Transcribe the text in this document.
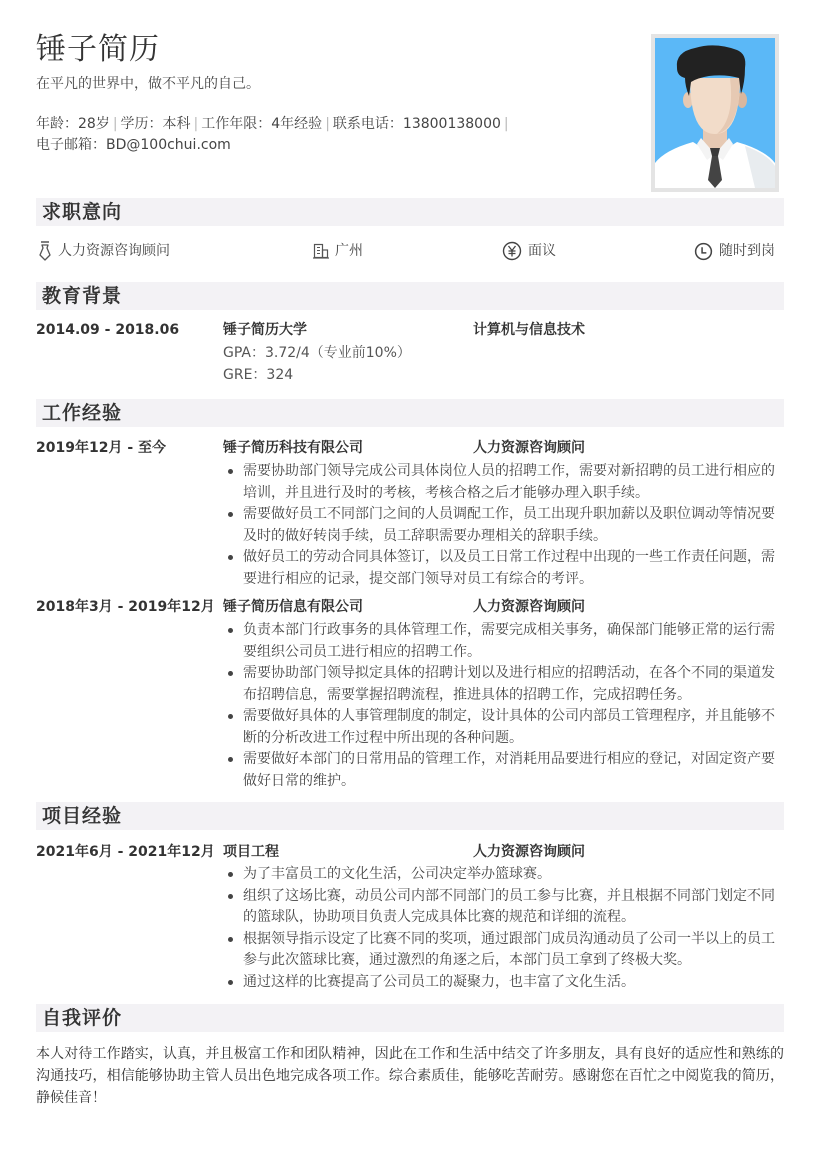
锤子简历
在平凡的世界中，做不平凡的自己。
年龄：28岁 | 学历：本科 | 工作年限：4年经验 | 联系电话：13800138000 |
电子邮箱：BD@100chui.com
求职意向
人力资源咨询顾问	广州	面议	随时到岗
教育背景
2014.09 - 2018.06	锤子简历大学	计算机与信息技术
GPA：3.72/4（专业前10%）
GRE：324
工作经验
2019年12月 - 至今	锤子简历科技有限公司	人力资源咨询顾问
需要协助部门领导完成公司具体岗位人员的招聘工作，需要对新招聘的员工进行相应的培训，并且进行及时的考核，考核合格之后才能够办理入职手续。
需要做好员工不同部门之间的人员调配工作，员工出现升职加薪以及职位调动等情况要及时的做好转岗手续，员工辞职需要办理相关的辞职手续。
做好员工的劳动合同具体签订，以及员工日常工作过程中出现的一些工作责任问题，需要进行相应的记录，提交部门领导对员工有综合的考评。
2018年3月 - 2019年12月 锤子简历信息有限公司	人力资源咨询顾问
负责本部门行政事务的具体管理工作，需要完成相关事务，确保部门能够正常的运行需要组织公司员工进行相应的招聘工作。
需要协助部门领导拟定具体的招聘计划以及进行相应的招聘活动，在各个不同的渠道发布招聘信息，需要掌握招聘流程，推进具体的招聘工作，完成招聘任务。
需要做好具体的人事管理制度的制定，设计具体的公司内部员工管理程序，并且能够不断的分析改进工作过程中所出现的各种问题。
需要做好本部门的日常用品的管理工作，对消耗用品要进行相应的登记，对固定资产要做好日常的维护。
项目经验
2021年6月 - 2021年12月 项目工程	人力资源咨询顾问
为了丰富员工的文化生活，公司决定举办篮球赛。
组织了这场比赛，动员公司内部不同部门的员工参与比赛，并且根据不同部门划定不同的篮球队，协助项目负责人完成具体比赛的规范和详细的流程。
根据领导指示设定了比赛不同的奖项，通过跟部门成员沟通动员了公司一半以上的员工参与此次篮球比赛，通过激烈的角逐之后，本部门员工拿到了终极大奖。
通过这样的比赛提高了公司员工的凝聚力，也丰富了文化生活。
自我评价
本人对待工作踏实，认真，并且极富工作和团队精神，因此在工作和生活中结交了许多朋友，具有良好的适应性和熟练的沟通技巧，相信能够协助主管人员出色地完成各项工作。综合素质佳，能够吃苦耐劳。感谢您在百忙之中阅览我的简历，静候佳音！
